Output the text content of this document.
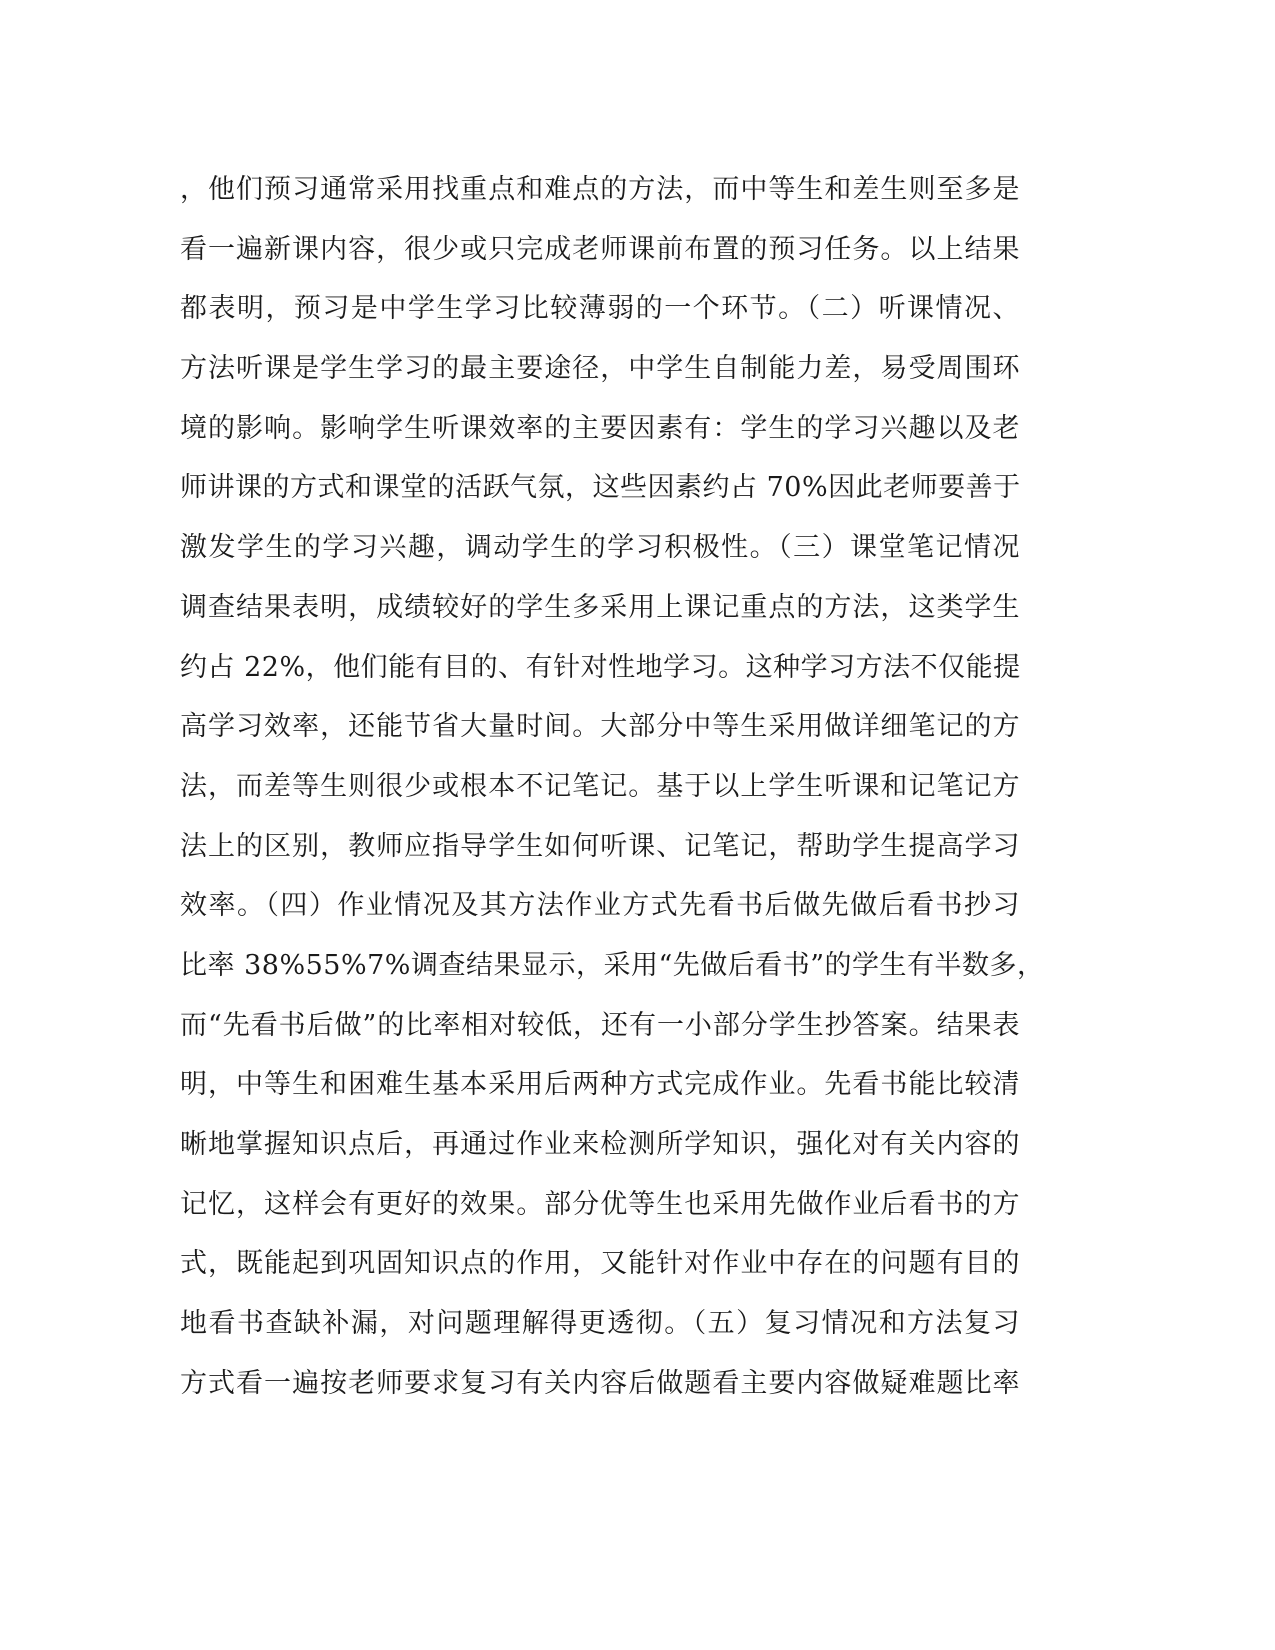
，他们预习通常采用找重点和难点的方法，而中等生和差生则至多是
看一遍新课内容，很少或只完成老师课前布置的预习任务。以上结果
都表明，预习是中学生学习比较薄弱的一个环节。（二）听课情况、
方法听课是学生学习的最主要途径，中学生自制能力差，易受周围环
境的影响。影响学生听课效率的主要因素有：学生的学习兴趣以及老
师讲课的方式和课堂的活跃气氛，这些因素约占 70%因此老师要善于
激发学生的学习兴趣，调动学生的学习积极性。（三）课堂笔记情况
调查结果表明，成绩较好的学生多采用上课记重点的方法，这类学生
约占 22%，他们能有目的、有针对性地学习。这种学习方法不仅能提
高学习效率，还能节省大量时间。大部分中等生采用做详细笔记的方
法，而差等生则很少或根本不记笔记。基于以上学生听课和记笔记方
法上的区别，教师应指导学生如何听课、记笔记，帮助学生提高学习
效率。（四）作业情况及其方法作业方式先看书后做先做后看书抄习
比率 38%55%7%调查结果显示，采用“先做后看书”的学生有半数多，
而“先看书后做”的比率相对较低，还有一小部分学生抄答案。结果表
明，中等生和困难生基本采用后两种方式完成作业。先看书能比较清
晰地掌握知识点后，再通过作业来检测所学知识，强化对有关内容的
记忆，这样会有更好的效果。部分优等生也采用先做作业后看书的方
式，既能起到巩固知识点的作用，又能针对作业中存在的问题有目的
地看书查缺补漏，对问题理解得更透彻。（五）复习情况和方法复习
方式看一遍按老师要求复习有关内容后做题看主要内容做疑难题比率
